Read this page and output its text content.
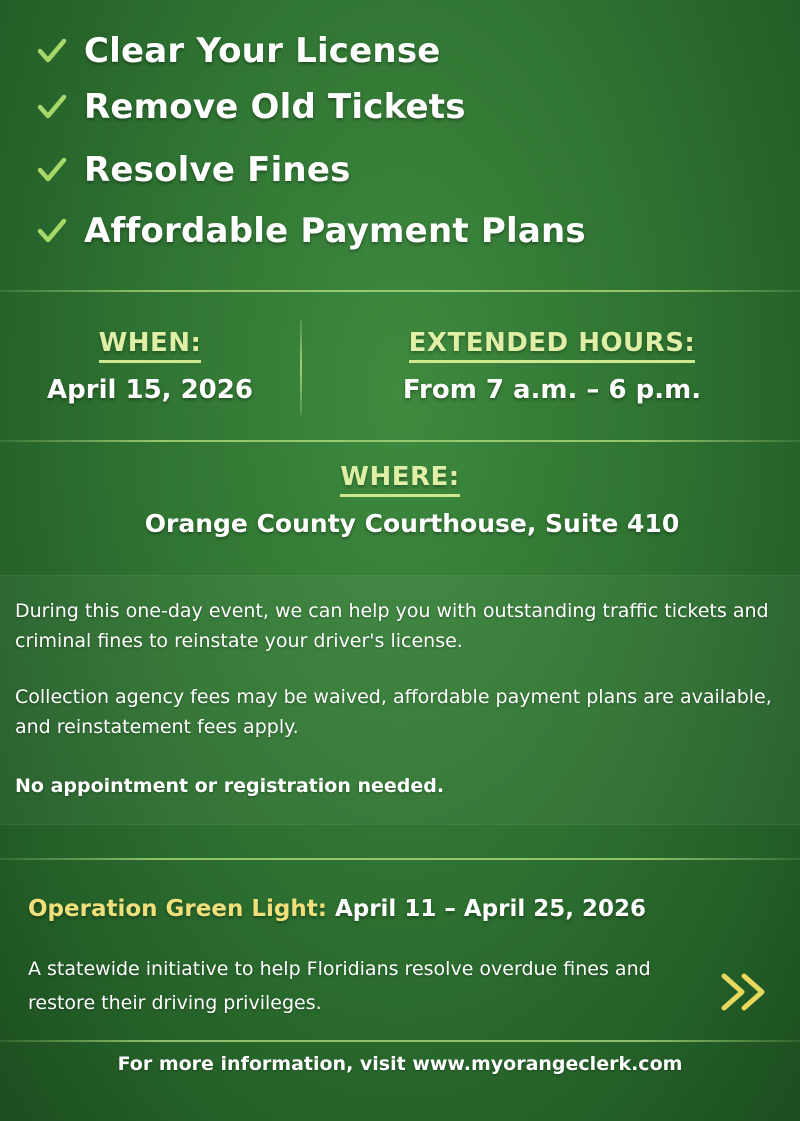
Clear Your License
Remove Old Tickets
Resolve Fines
Affordable Payment Plans
WHEN:
April 15, 2026
EXTENDED HOURS:
From 7 a.m. – 6 p.m.
WHERE:
Orange County Courthouse, Suite 410
During this one-day event, we can help you with outstanding traffic tickets and criminal fines to reinstate your driver's license.
Collection agency fees may be waived, affordable payment plans are available, and reinstatement fees apply.
No appointment or registration needed.
Operation Green Light: April 11 – April 25, 2026
A statewide initiative to help Floridians resolve overdue fines and restore their driving privileges.
For more information, visit www.myorangeclerk.com
